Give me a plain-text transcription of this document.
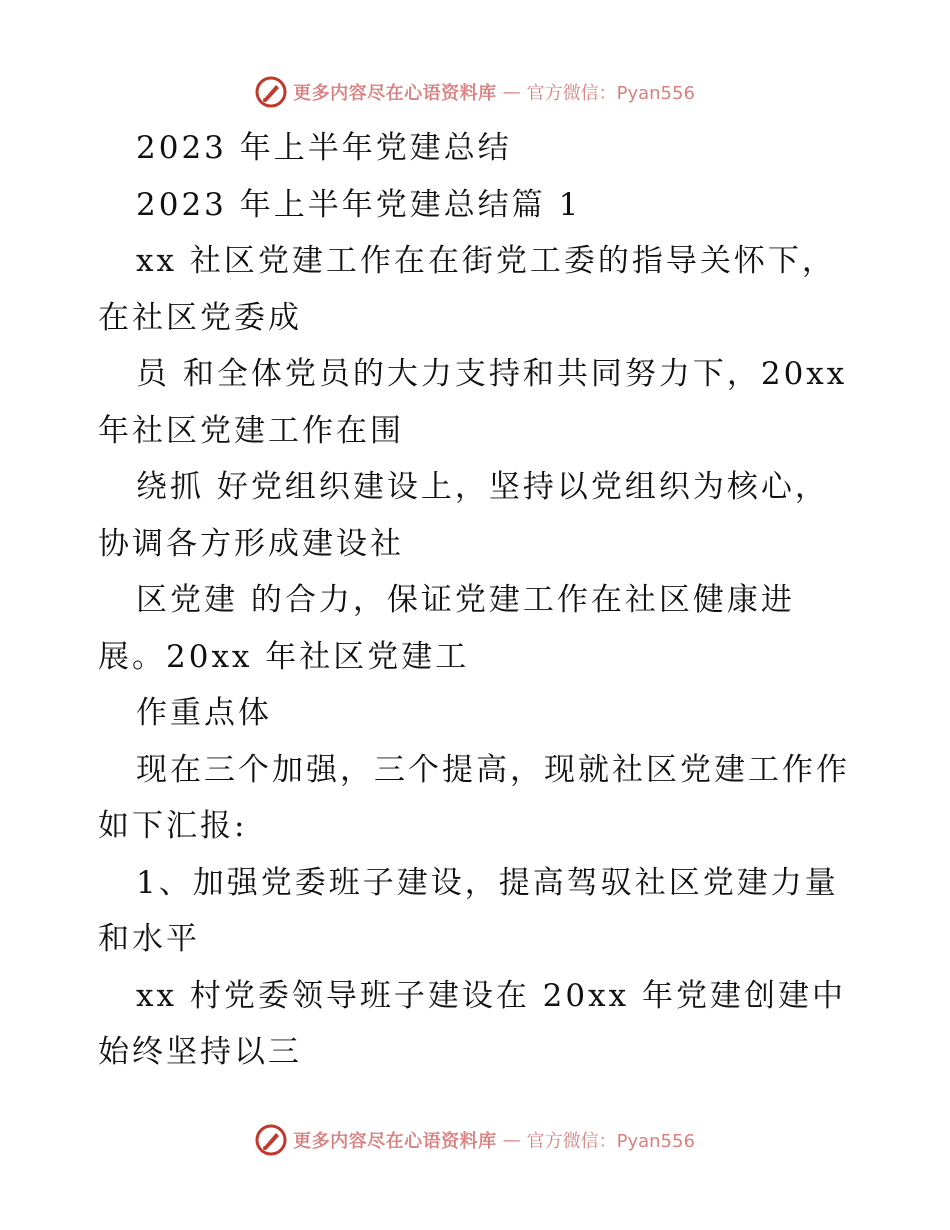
更多内容尽在心语资料库 — 官方微信：Pyan556
2023 年上半年党建总结
2023 年上半年党建总结篇 1
xx 社区党建工作在在街党工委的指导关怀下，
在社区党委成
员 和全体党员的大力支持和共同努力下，20xx
年社区党建工作在围
绕抓 好党组织建设上，坚持以党组织为核心，
协调各方形成建设社
区党建 的合力，保证党建工作在社区健康进
展。20xx 年社区党建工
作重点体
现在三个加强，三个提高，现就社区党建工作作
如下汇报:
1、加强党委班子建设，提高驾驭社区党建力量
和水平
xx 村党委领导班子建设在 20xx 年党建创建中
始终坚持以三
更多内容尽在心语资料库 — 官方微信：Pyan556
